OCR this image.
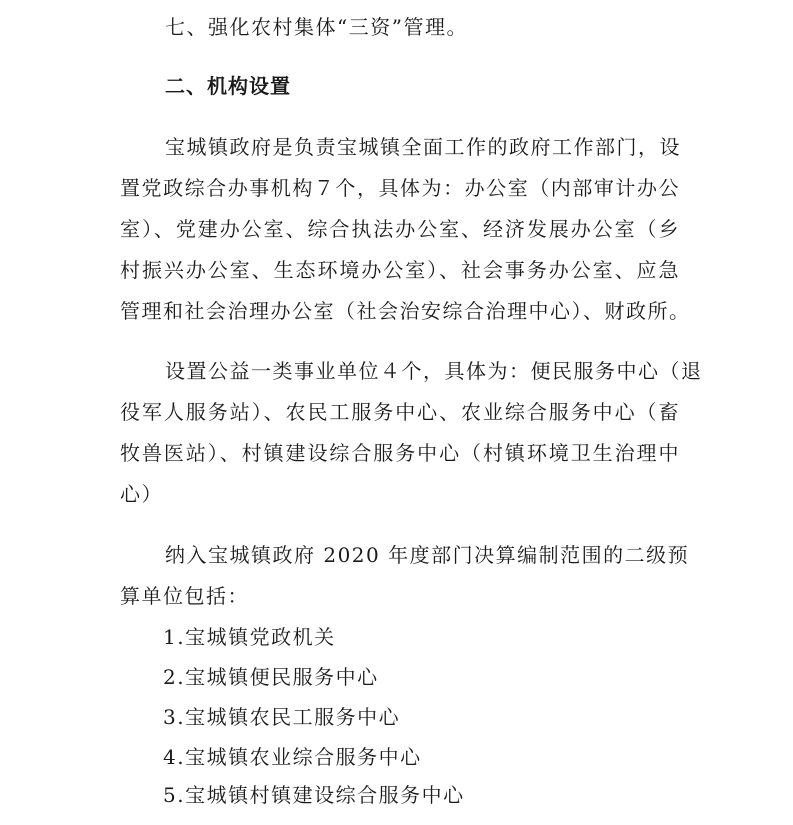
七、强化农村集体“三资”管理。
二、机构设置
宝城镇政府是负责宝城镇全面工作的政府工作部门，设
置党政综合办事机构７个，具体为：办公室（内部审计办公
室）、党建办公室、综合执法办公室、经济发展办公室（乡
村振兴办公室、生态环境办公室）、社会事务办公室、应急
管理和社会治理办公室（社会治安综合治理中心）、财政所。
设置公益一类事业单位４个，具体为：便民服务中心（退
役军人服务站）、农民工服务中心、农业综合服务中心（畜
牧兽医站）、村镇建设综合服务中心（村镇环境卫生治理中
心）
纳入宝城镇政府 2020 年度部门决算编制范围的二级预
算单位包括：
1.宝城镇党政机关
2.宝城镇便民服务中心
3.宝城镇农民工服务中心
4.宝城镇农业综合服务中心
5.宝城镇村镇建设综合服务中心
